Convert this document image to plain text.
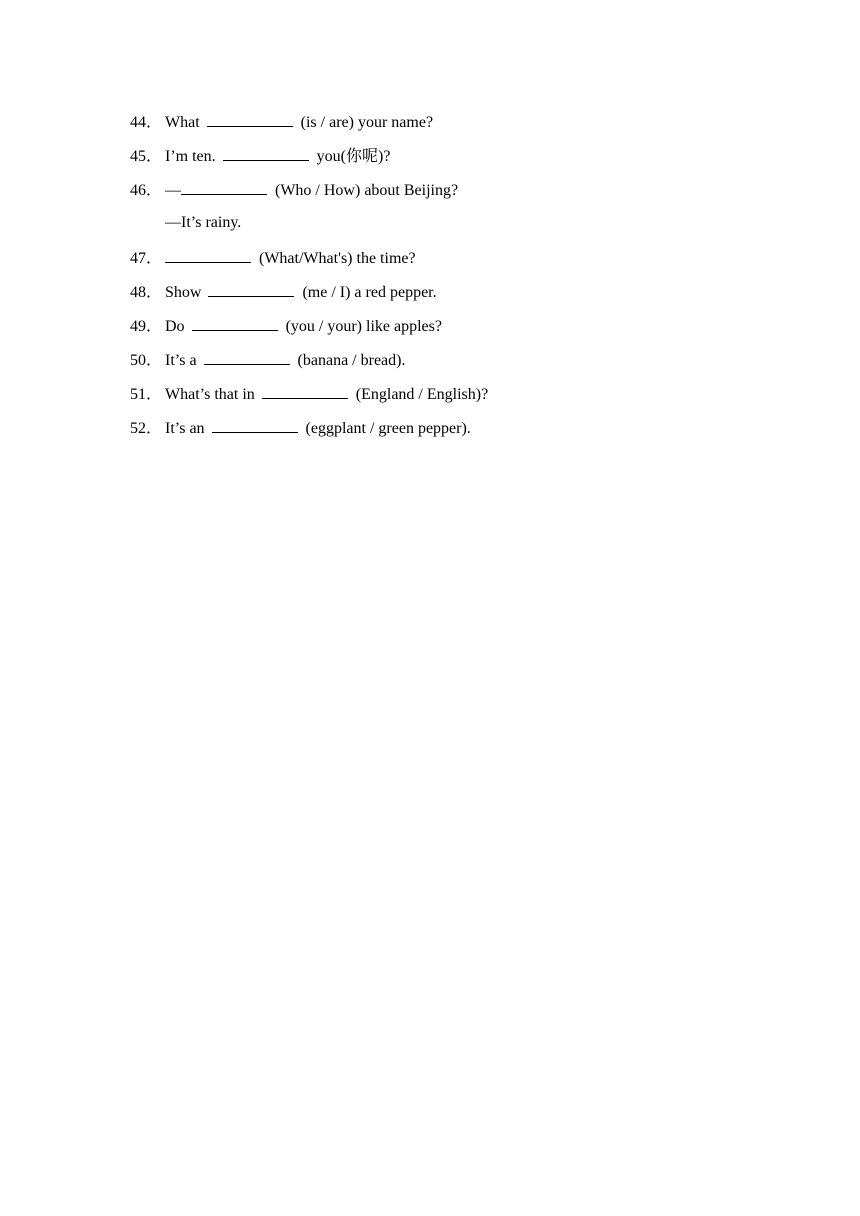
44． What	(is / are) your name?
45． I’m ten.	you(你呢)?
46． —	(Who / How) about Beijing?
—It’s rainy.
47．	(What/What's) the time?
48． Show	(me / I) a red pepper.
49． Do	(you / your) like apples?
50． It’s a	(banana / bread).
51． What’s that in	(England / English)?
52． It’s an	(eggplant / green pepper).
